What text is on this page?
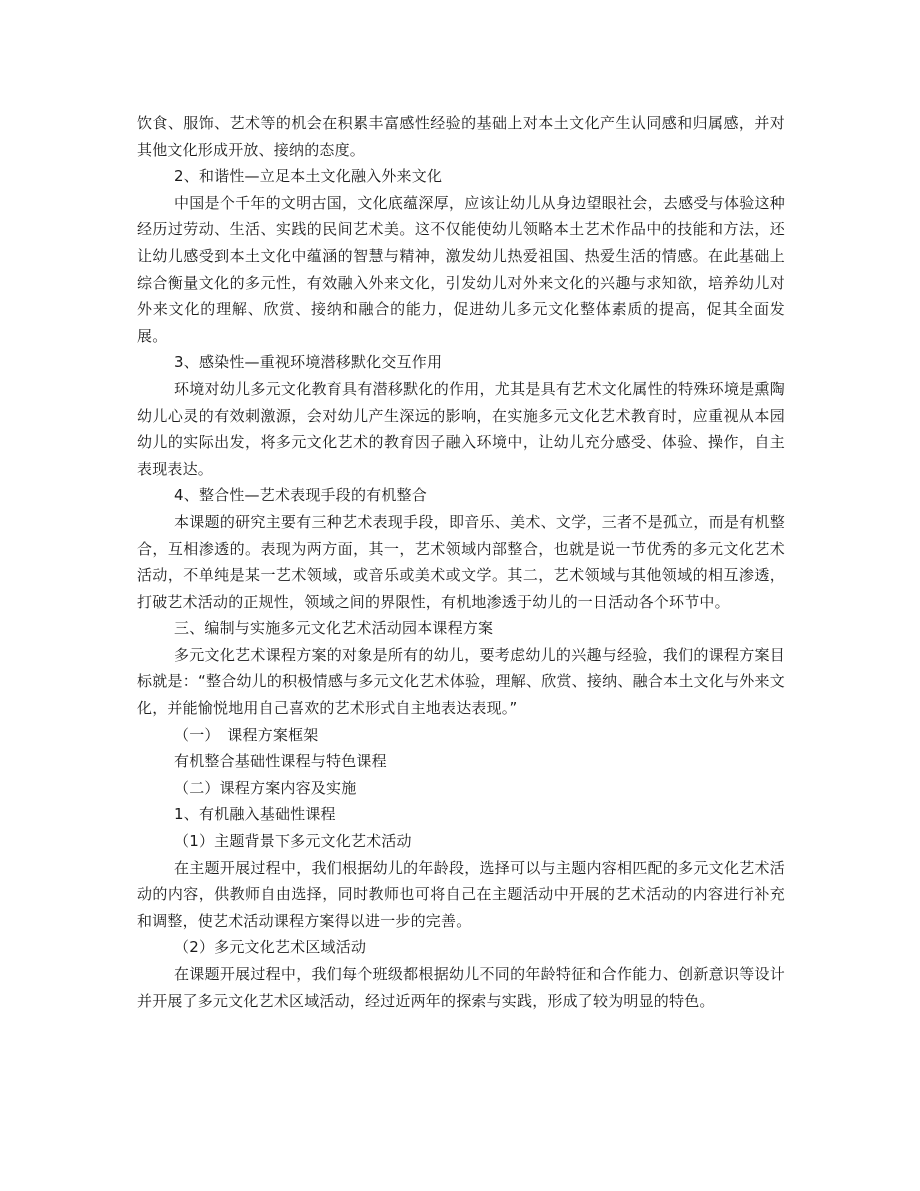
饮食、服饰、艺术等的机会在积累丰富感性经验的基础上对本土文化产生认同感和归属感，并对其他文化形成开放、接纳的态度。

2、和谐性—立足本土文化融入外来文化

中国是个千年的文明古国，文化底蕴深厚，应该让幼儿从身边望眼社会，去感受与体验这种经历过劳动、生活、实践的民间艺术美。这不仅能使幼儿领略本土艺术作品中的技能和方法，还让幼儿感受到本土文化中蕴涵的智慧与精神，激发幼儿热爱祖国、热爱生活的情感。在此基础上综合衡量文化的多元性，有效融入外来文化，引发幼儿对外来文化的兴趣与求知欲，培养幼儿对外来文化的理解、欣赏、接纳和融合的能力，促进幼儿多元文化整体素质的提高，促其全面发展。

3、感染性—重视环境潜移默化交互作用

环境对幼儿多元文化教育具有潜移默化的作用，尤其是具有艺术文化属性的特殊环境是熏陶幼儿心灵的有效刺激源，会对幼儿产生深远的影响，在实施多元文化艺术教育时，应重视从本园幼儿的实际出发，将多元文化艺术的教育因子融入环境中，让幼儿充分感受、体验、操作，自主表现表达。

4、整合性—艺术表现手段的有机整合

本课题的研究主要有三种艺术表现手段，即音乐、美术、文学，三者不是孤立，而是有机整合，互相渗透的。表现为两方面，其一，艺术领域内部整合，也就是说一节优秀的多元文化艺术活动，不单纯是某一艺术领域，或音乐或美术或文学。其二，艺术领域与其他领域的相互渗透，打破艺术活动的正规性，领域之间的界限性，有机地渗透于幼儿的一日活动各个环节中。

三、编制与实施多元文化艺术活动园本课程方案

多元文化艺术课程方案的对象是所有的幼儿，要考虑幼儿的兴趣与经验，我们的课程方案目标就是：“整合幼儿的积极情感与多元文化艺术体验，理解、欣赏、接纳、融合本土文化与外来文化，并能愉悦地用自己喜欢的艺术形式自主地表达表现。”

（一）　课程方案框架

有机整合基础性课程与特色课程

（二）课程方案内容及实施

1、有机融入基础性课程

（1）主题背景下多元文化艺术活动

在主题开展过程中，我们根据幼儿的年龄段，选择可以与主题内容相匹配的多元文化艺术活动的内容，供教师自由选择，同时教师也可将自己在主题活动中开展的艺术活动的内容进行补充和调整，使艺术活动课程方案得以进一步的完善。

（2）多元文化艺术区域活动

在课题开展过程中，我们每个班级都根据幼儿不同的年龄特征和合作能力、创新意识等设计并开展了多元文化艺术区域活动，经过近两年的探索与实践，形成了较为明显的特色。
